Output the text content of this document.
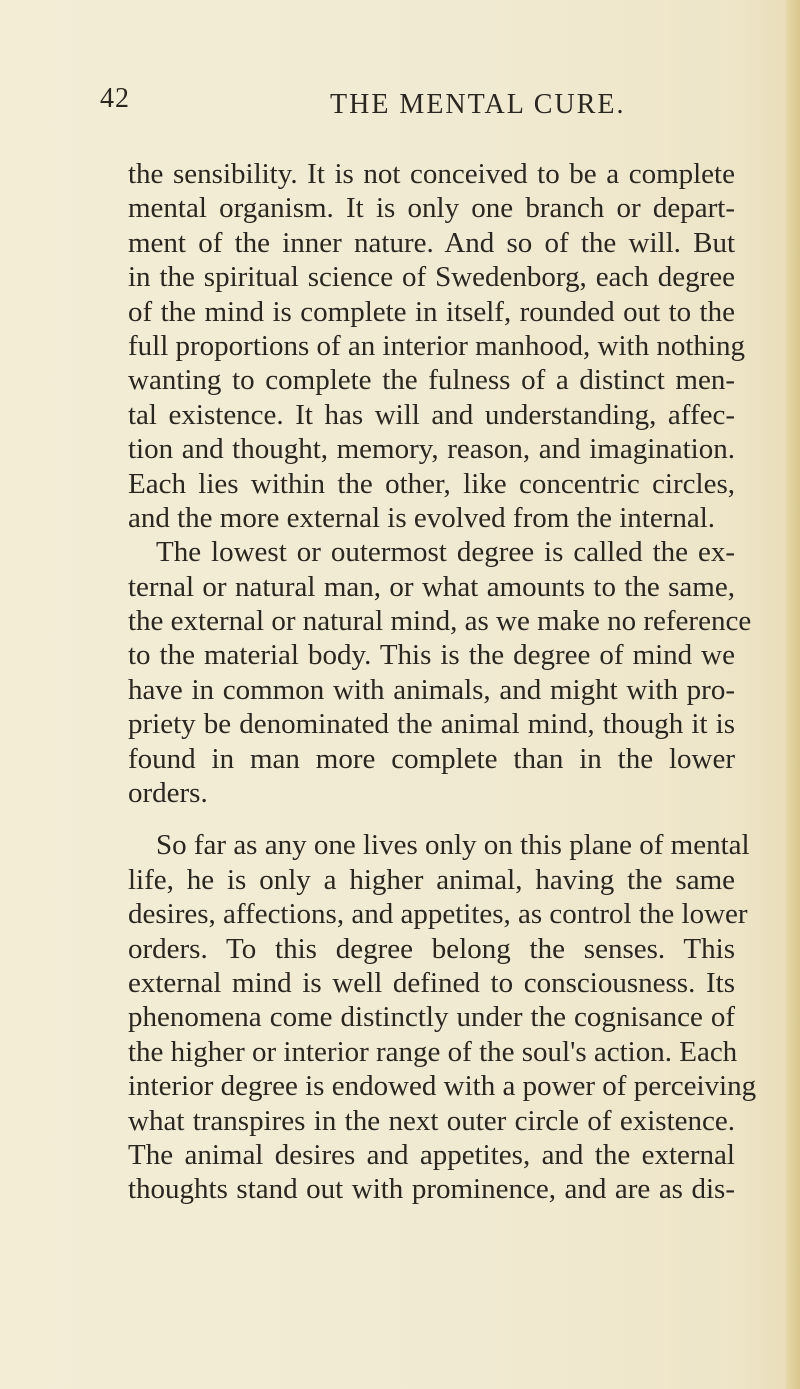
42	THE MENTAL CURE.
the sensibility. It is not conceived to be a complete
mental organism. It is only one branch or depart-
ment of the inner nature. And so of the will. But
in the spiritual science of Swedenborg, each degree
of the mind is complete in itself, rounded out to the
full proportions of an interior manhood, with nothing
wanting to complete the fulness of a distinct men-
tal existence. It has will and understanding, affec-
tion and thought, memory, reason, and imagination.
Each lies within the other, like concentric circles,
and the more external is evolved from the internal.
The lowest or outermost degree is called the ex-
ternal or natural man, or what amounts to the same,
the external or natural mind, as we make no reference
to the material body. This is the degree of mind we
have in common with animals, and might with pro-
priety be denominated the animal mind, though it is
found in man more complete than in the lower
orders.
So far as any one lives only on this plane of mental
life, he is only a higher animal, having the same
desires, affections, and appetites, as control the lower
orders. To this degree belong the senses. This
external mind is well defined to consciousness. Its
phenomena come distinctly under the cognisance of
the higher or interior range of the soul's action. Each
interior degree is endowed with a power of perceiving
what transpires in the next outer circle of existence.
The animal desires and appetites, and the external
thoughts stand out with prominence, and are as dis-
